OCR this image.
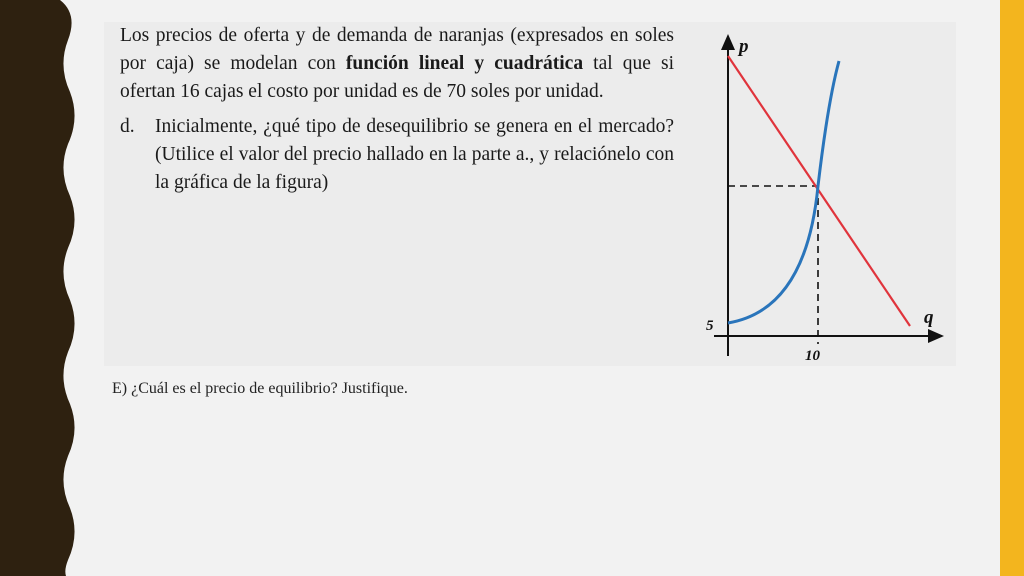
Los precios de oferta y de demanda de naranjas (expresados en soles por caja) se modelan con función lineal y cuadrática tal que si ofertan 16 cajas el costo por unidad es de 70 soles por unidad.

d. Inicialmente, ¿qué tipo de desequilibrio se genera en el mercado? (Utilice el valor del precio hallado en la parte a., y relaciónelo con la gráfica de la figura)

p
q
5
10
E) ¿Cuál es el precio de equilibrio? Justifique.
